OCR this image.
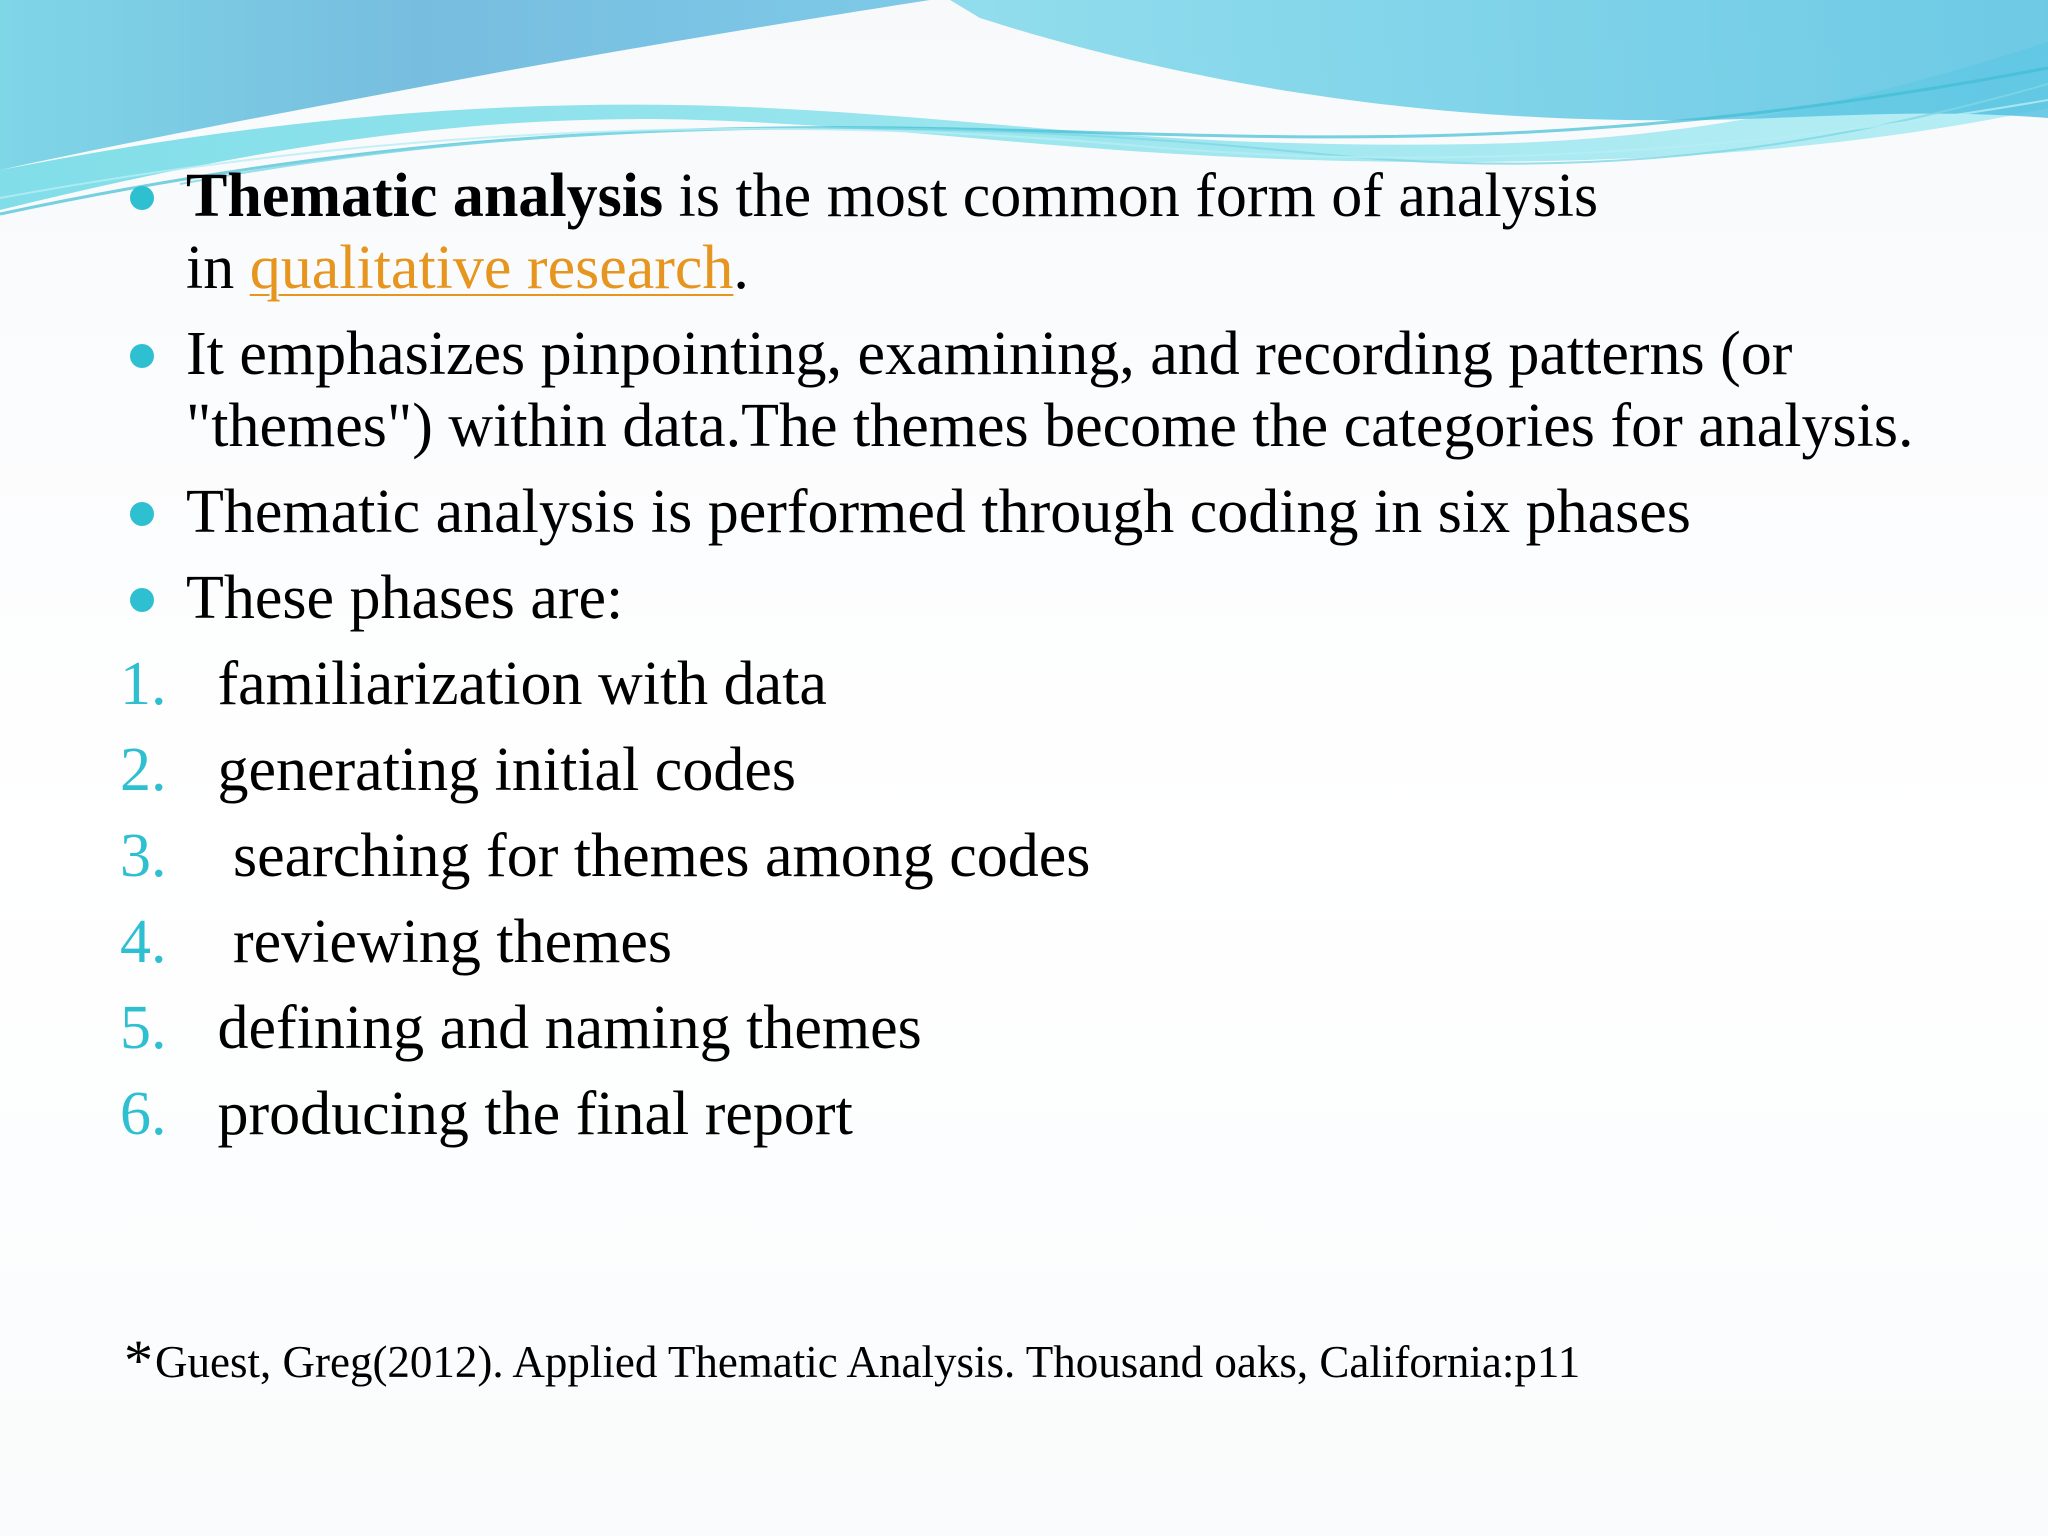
Thematic analysis is the most common form of analysis
in qualitative research.
It emphasizes pinpointing, examining, and recording patterns (or "themes") within data.The themes become the categories for analysis.
Thematic analysis is performed through coding in six phases
These phases are:
1. familiarization with data
2. generating initial codes
3. searching for themes among codes
4. reviewing themes
5. defining and naming themes
6. producing the final report
*Guest, Greg(2012). Applied Thematic Analysis. Thousand oaks, California:p11
